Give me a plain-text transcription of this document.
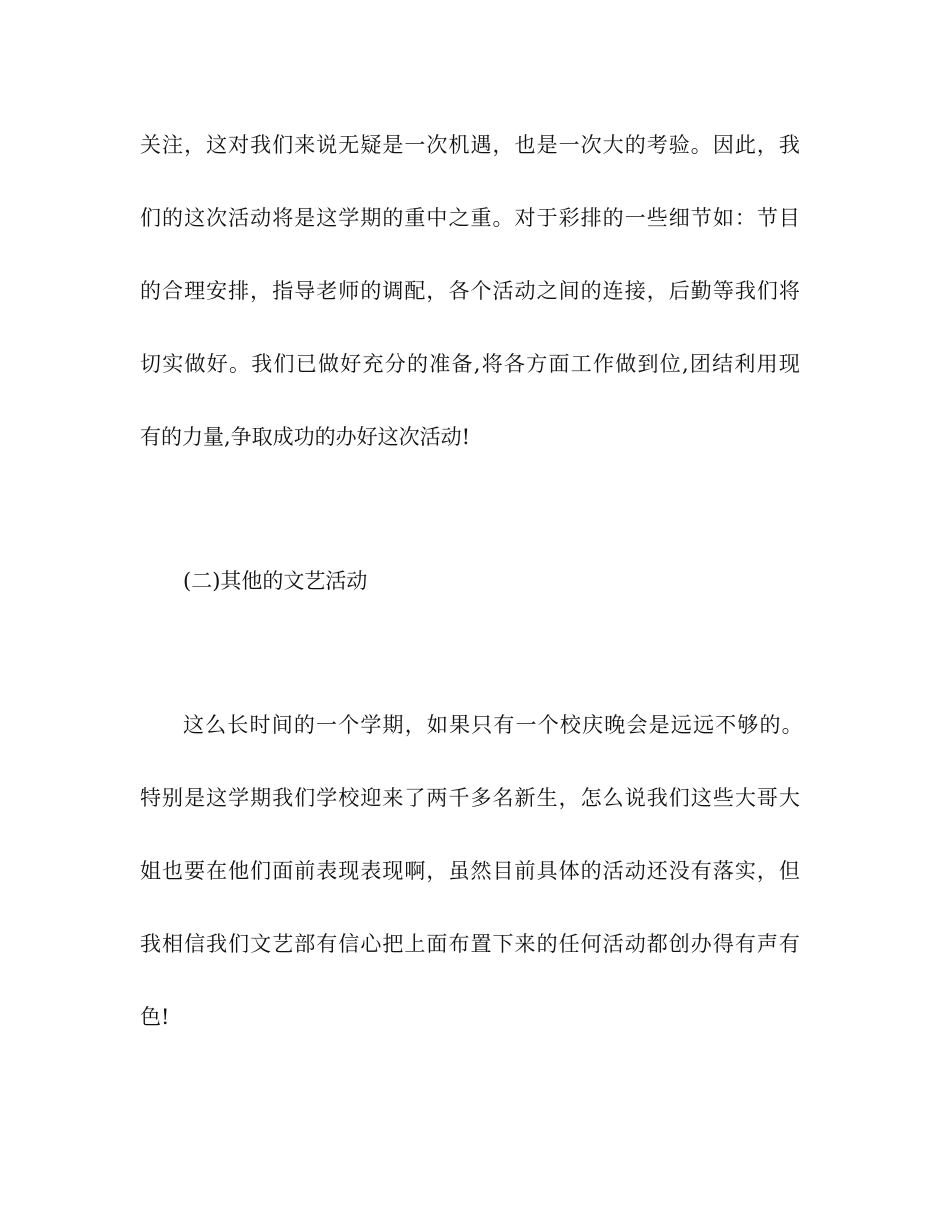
关 注 ， 这 对 我 们 来 说 无 疑 是 一 次 机 遇 ， 也 是 一 次 大 的 考 验 。 因 此 ， 我
们 的 这 次 活 动 将 是 这 学 期 的 重 中 之 重 。 对 于 彩 排 的 一 些 细 节 如 ： 节 目
的 合 理 安 排 ， 指 导 老 师 的 调 配 ， 各 个 活 动 之 间 的 连 接 ， 后 勤 等 我 们 将
切 实 做 好 。 我 们 已 做 好 充 分 的 准 备 , 将 各 方 面 工 作 做 到 位 , 团 结 利 用 现
有的力量,争取成功的办好这次活动!
(二)其他的文艺活动
这 么 长 时 间 的 一 个 学 期 ， 如 果 只 有 一 个 校 庆 晚 会 是 远 远 不 够 的 。
特 别 是 这 学 期 我 们 学 校 迎 来 了 两 千 多 名 新 生 ， 怎 么 说 我 们 这 些 大 哥 大
姐 也 要 在 他 们 面 前 表 现 表 现 啊 ， 虽 然 目 前 具 体 的 活 动 还 没 有 落 实 ， 但
我 相 信 我 们 文 艺 部 有 信 心 把 上 面 布 置 下 来 的 任 何 活 动 都 创 办 得 有 声 有
色!
